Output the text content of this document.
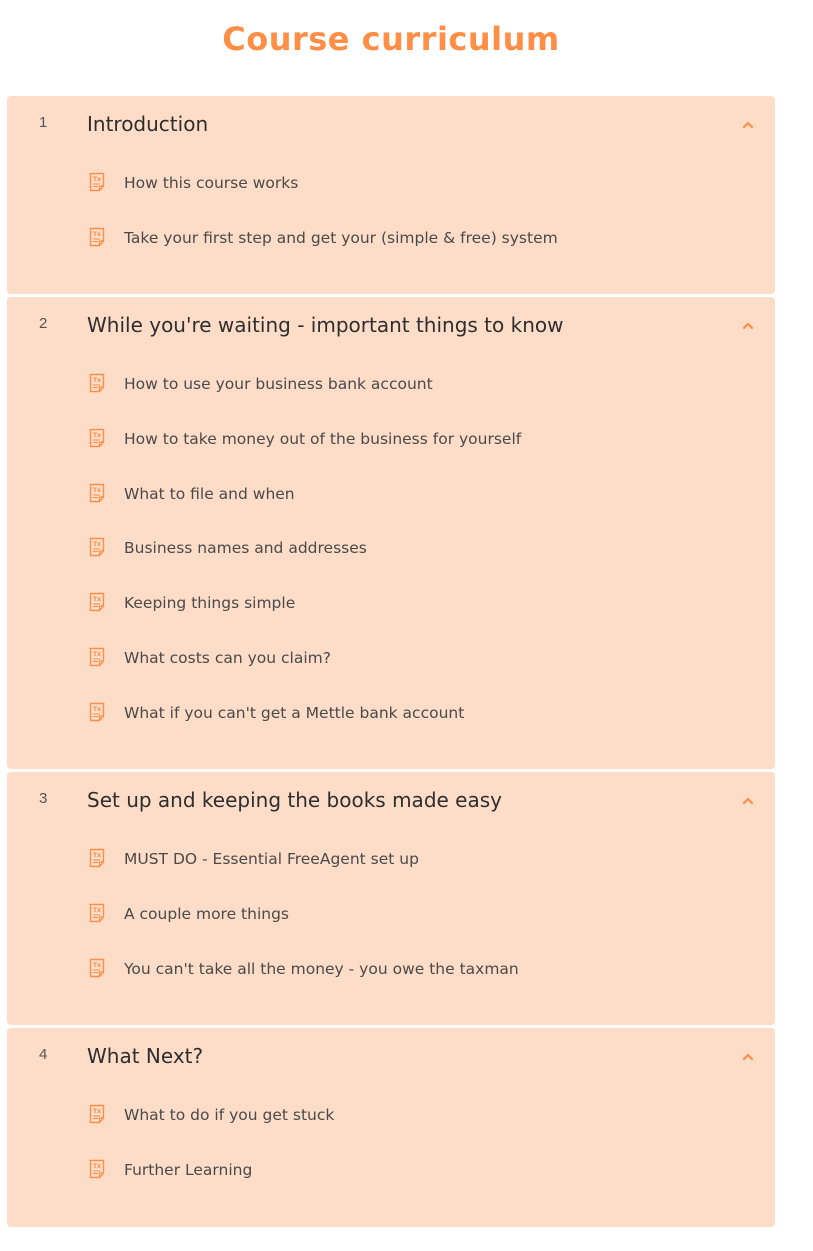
Course curriculum
1 Introduction
Tx How this course works
Tx Take your first step and get your (simple & free) system
2 While you're waiting - important things to know
Tx How to use your business bank account
Tx How to take money out of the business for yourself
Tx What to file and when
Tx Business names and addresses
Tx Keeping things simple
Tx What costs can you claim?
Tx What if you can't get a Mettle bank account
3 Set up and keeping the books made easy
Tx MUST DO - Essential FreeAgent set up
Tx A couple more things
Tx You can't take all the money - you owe the taxman
4 What Next?
Tx What to do if you get stuck
Tx Further Learning
